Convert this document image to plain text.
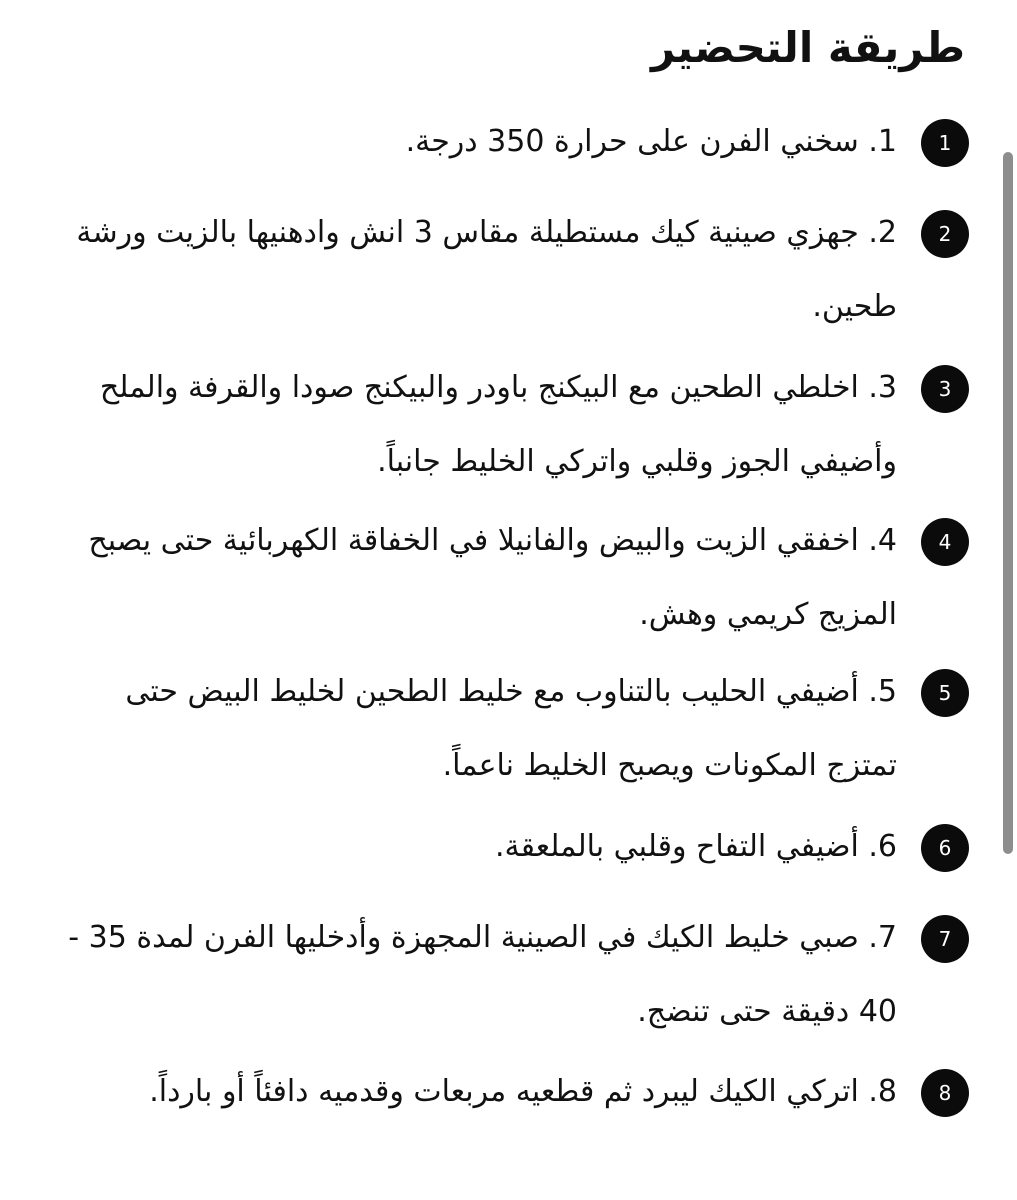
طريقة التحضير
1
1. سخني الفرن على حرارة 350 درجة.
2
2. جهزي صينية كيك مستطيلة مقاس 3 انش وادهنيها بالزيت ورشة طحين.
3
3. اخلطي الطحين مع البيكنج باودر والبيكنج صودا والقرفة والملح وأضيفي الجوز وقلبي واتركي الخليط جانباً.
4
4. اخفقي الزيت والبيض والفانيلا في الخفاقة الكهربائية حتى يصبح المزيج كريمي وهش.
5
5. أضيفي الحليب بالتناوب مع خليط الطحين لخليط البيض حتى تمتزج المكونات ويصبح الخليط ناعماً.
6
6. أضيفي التفاح وقلبي بالملعقة.
7
7. صبي خليط الكيك في الصينية المجهزة وأدخليها الفرن لمدة 35 - 40 دقيقة حتى تنضج.
8
8. اتركي الكيك ليبرد ثم قطعيه مربعات وقدميه دافئاً أو بارداً.
